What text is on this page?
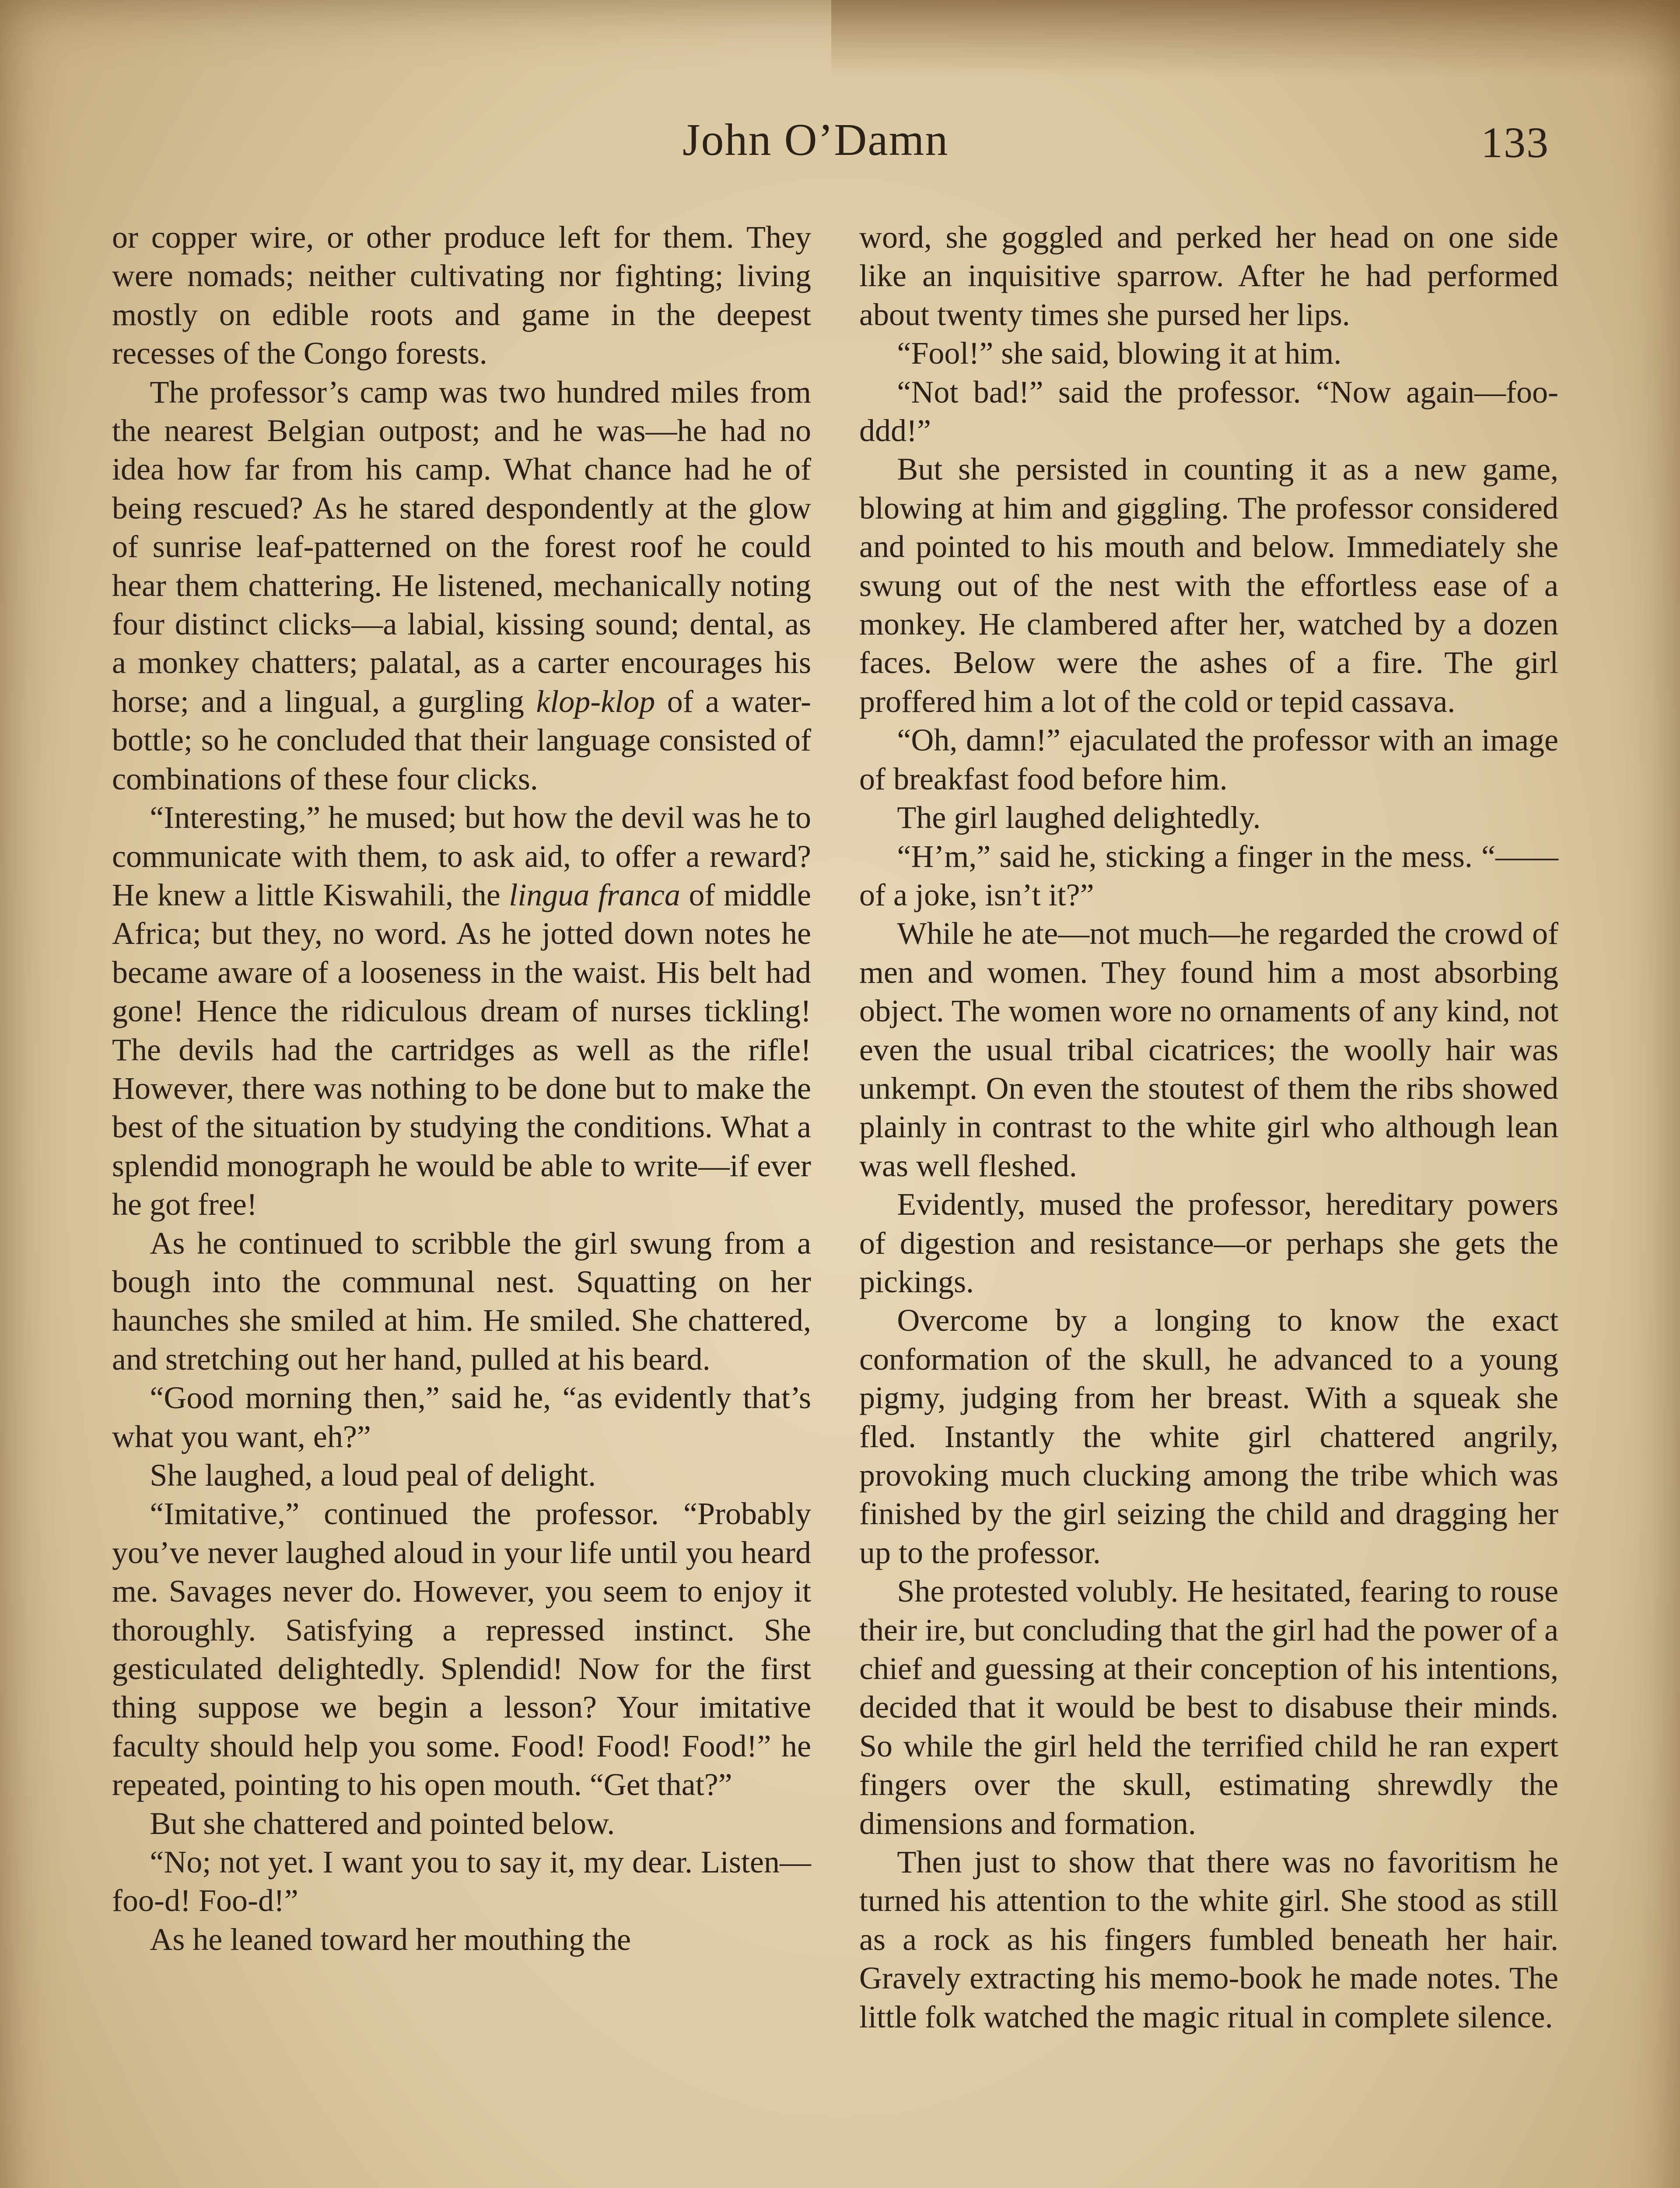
John O’Damn	133

or copper wire, or other produce left for them. They were nomads; neither cultivating nor fighting; living mostly on edible roots and game in the deepest recesses of the Congo forests.

The professor’s camp was two hundred miles from the nearest Belgian outpost; and he was—he had no idea how far from his camp. What chance had he of being rescued? As he stared despondently at the glow of sunrise leaf-patterned on the forest roof he could hear them chattering. He listened, mechanically noting four distinct clicks—a labial, kissing sound; dental, as a monkey chatters; palatal, as a carter encourages his horse; and a lingual, a gurgling klop-klop of a water-bottle; so he concluded that their language consisted of combinations of these four clicks.

“Interesting,” he mused; but how the devil was he to communicate with them, to ask aid, to offer a reward? He knew a little Kiswahili, the lingua franca of middle Africa; but they, no word. As he jotted down notes he became aware of a looseness in the waist. His belt had gone! Hence the ridiculous dream of nurses tickling! The devils had the cartridges as well as the rifle! However, there was nothing to be done but to make the best of the situation by studying the conditions. What a splendid monograph he would be able to write—if ever he got free!

As he continued to scribble the girl swung from a bough into the communal nest. Squatting on her haunches she smiled at him. He smiled. She chattered, and stretching out her hand, pulled at his beard.

“Good morning then,” said he, “as evidently that’s what you want, eh?”

She laughed, a loud peal of delight.

“Imitative,” continued the professor. “Probably you’ve never laughed aloud in your life until you heard me. Savages never do. However, you seem to enjoy it thoroughly. Satisfying a repressed instinct. She gesticulated delightedly. Splendid! Now for the first thing suppose we begin a lesson? Your imitative faculty should help you some. Food! Food! Food!” he repeated, pointing to his open mouth. “Get that?”

But she chattered and pointed below.

“No; not yet. I want you to say it, my dear. Listen—foo-d! Foo-d!”

As he leaned toward her mouthing the

word, she goggled and perked her head on one side like an inquisitive sparrow. After he had performed about twenty times she pursed her lips.

“Fool!” she said, blowing it at him.

“Not bad!” said the professor. “Now again—foo-ddd!”

But she persisted in counting it as a new game, blowing at him and giggling. The professor considered and pointed to his mouth and below. Immediately she swung out of the nest with the effortless ease of a monkey. He clambered after her, watched by a dozen faces. Below were the ashes of a fire. The girl proffered him a lot of the cold or tepid cassava.

“Oh, damn!” ejaculated the professor with an image of breakfast food before him.

The girl laughed delightedly.

“H’m,” said he, sticking a finger in the mess. “—— of a joke, isn’t it?”

While he ate—not much—he regarded the crowd of men and women. They found him a most absorbing object. The women wore no ornaments of any kind, not even the usual tribal cicatrices; the woolly hair was unkempt. On even the stoutest of them the ribs showed plainly in contrast to the white girl who although lean was well fleshed.

Evidently, mused the professor, hereditary powers of digestion and resistance—or perhaps she gets the pickings.

Overcome by a longing to know the exact conformation of the skull, he advanced to a young pigmy, judging from her breast. With a squeak she fled. Instantly the white girl chattered angrily, provoking much clucking among the tribe which was finished by the girl seizing the child and dragging her up to the professor.

She protested volubly. He hesitated, fearing to rouse their ire, but concluding that the girl had the power of a chief and guessing at their conception of his intentions, decided that it would be best to disabuse their minds. So while the girl held the terrified child he ran expert fingers over the skull, estimating shrewdly the dimensions and formation.

Then just to show that there was no favoritism he turned his attention to the white girl. She stood as still as a rock as his fingers fumbled beneath her hair. Gravely extracting his memo-book he made notes. The little folk watched the magic ritual in complete silence.
